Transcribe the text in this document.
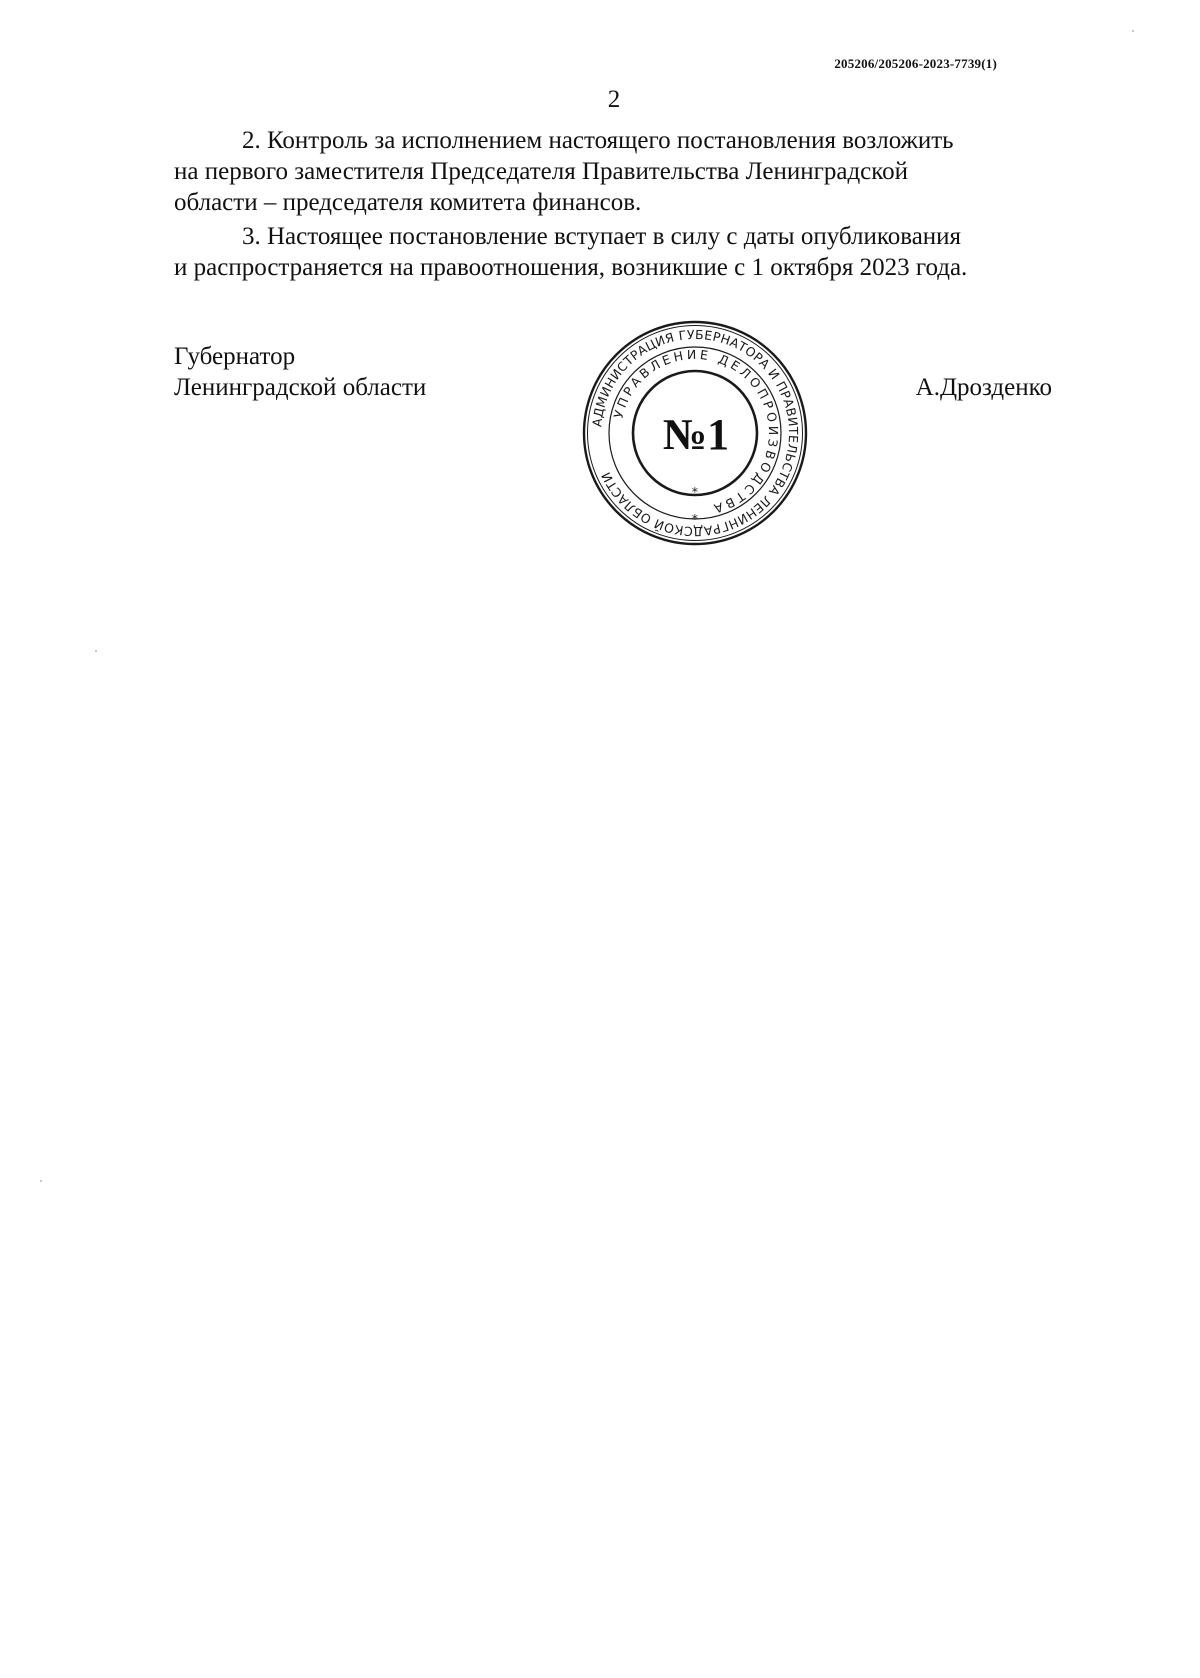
205206/205206-2023-7739(1)
2

2. Контроль за исполнением настоящего постановления возложить
на первого заместителя Председателя Правительства Ленинградской
области – председателя комитета финансов.

3. Настоящее постановление вступает в силу с даты опубликования
и распространяется на правоотношения, возникшие с 1 октября 2023 года.

Губернатор
Ленинградской области	А.Дрозденко
АДМИНИСТРАЦИЯ ГУБЕРНАТОРА И ПРАВИТЕЛЬСТВА ЛЕНИНГРАДСКОЙ ОБЛАСТИ
УПРАВЛЕНИЕ ДЕЛОПРОИЗВОДСТВА
*
*
№1
